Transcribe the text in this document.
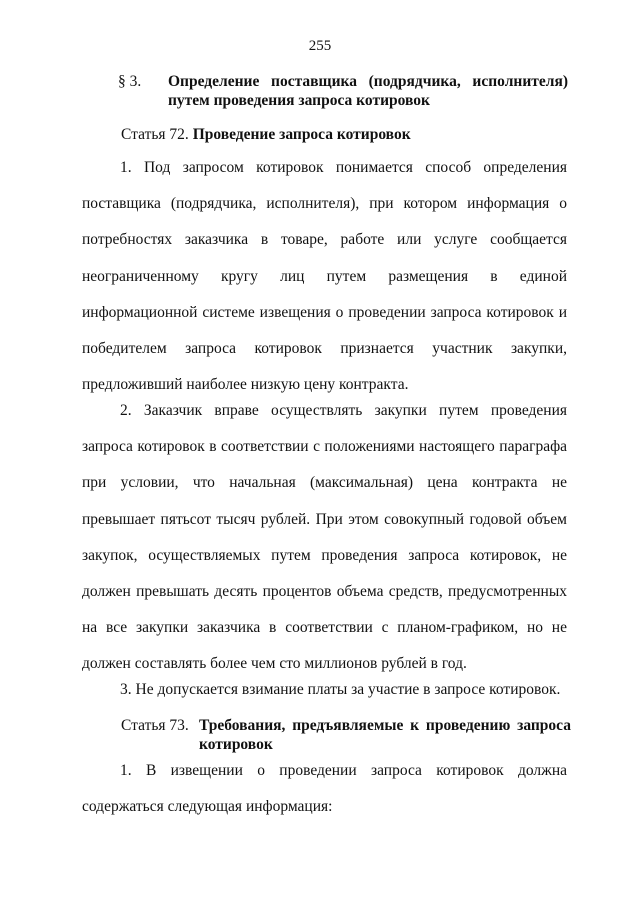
255
§ 3.	Определение поставщика (подрядчика, исполнителя) путем проведения запроса котировок
Статья 72. Проведение запроса котировок

1. Под запросом котировок понимается способ определения поставщика (подрядчика, исполнителя), при котором информация о потребностях заказчика в товаре, работе или услуге сообщается неограниченному кругу лиц путем размещения в единой информационной системе извещения о проведении запроса котировок и победителем запроса котировок признается участник закупки, предложивший наиболее низкую цену контракта.

2. Заказчик вправе осуществлять закупки путем проведения запроса котировок в соответствии с положениями настоящего параграфа при условии, что начальная (максимальная) цена контракта не превышает пятьсот тысяч рублей. При этом совокупный годовой объем закупок, осуществляемых путем проведения запроса котировок, не должен превышать десять процентов объема средств, предусмотренных на все закупки заказчика в соответствии с планом-графиком, но не должен составлять более чем сто миллионов рублей в год.

3. Не допускается взимание платы за участие в запросе котировок.

Статья 73. Требования, предъявляемые к проведению запроса котировок

1. В извещении о проведении запроса котировок должна содержаться следующая информация:
